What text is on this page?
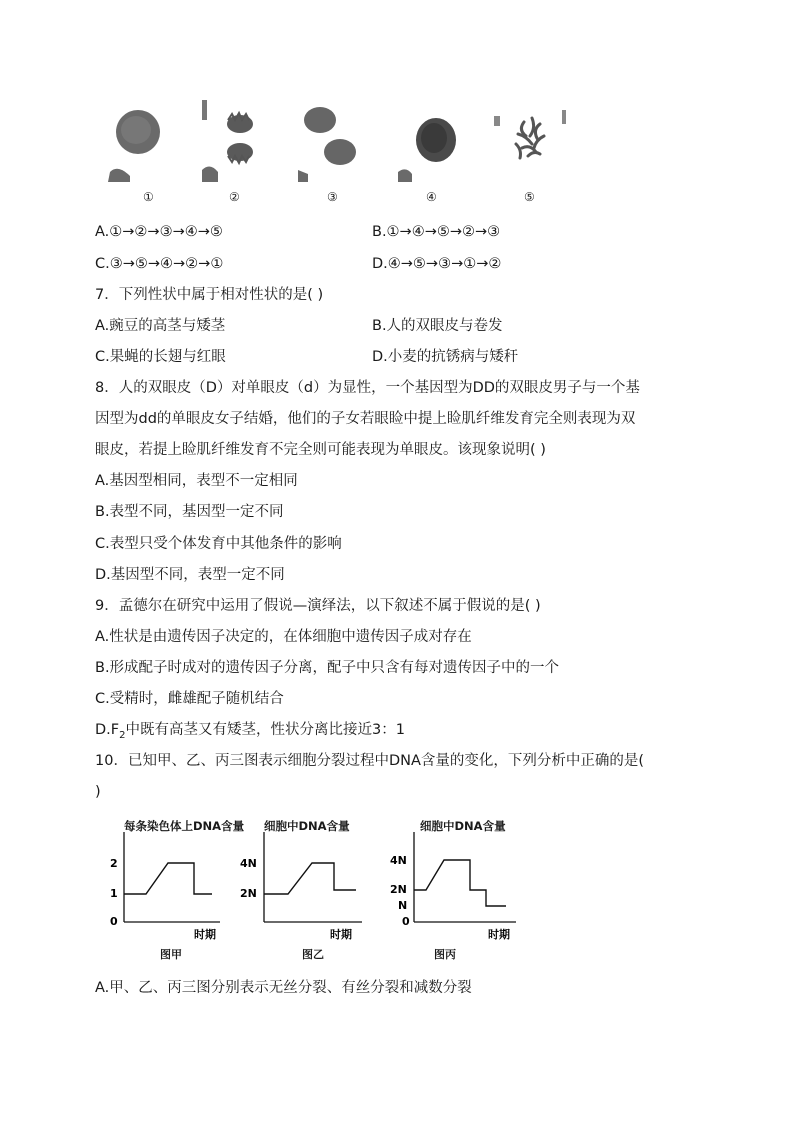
①	②	③	④	⑤
A.①→②→③→④→⑤	B.①→④→⑤→②→③
C.③→⑤→④→②→①	D.④→⑤→③→①→②
7．下列性状中属于相对性状的是( )
A.豌豆的高茎与矮茎	B.人的双眼皮与卷发
C.果蝇的长翅与红眼	D.小麦的抗锈病与矮秆
8．人的双眼皮（D）对单眼皮（d）为显性，一个基因型为DD的双眼皮男子与一个基
因型为dd的单眼皮女子结婚，他们的子女若眼睑中提上睑肌纤维发育完全则表现为双
眼皮，若提上睑肌纤维发育不完全则可能表现为单眼皮。该现象说明( )
A.基因型相同，表型不一定相同
B.表型不同，基因型一定不同
C.表型只受个体发育中其他条件的影响
D.基因型不同，表型一定不同
9．孟德尔在研究中运用了假说—演绎法，以下叙述不属于假说的是( )
A.性状是由遗传因子决定的，在体细胞中遗传因子成对存在
B.形成配子时成对的遗传因子分离，配子中只含有每对遗传因子中的一个
C.受精时，雌雄配子随机结合
$D.F_2$中既有高茎又有矮茎，性状分离比接近3：1
10．已知甲、乙、丙三图表示细胞分裂过程中DNA含量的变化，下列分析中正确的是(
)
每条染色体上DNA含量
0
1
2
时期
图甲
细胞中DNA含量
2N
4N
时期
图乙
细胞中DNA含量
0
N
2N
4N
时期
图丙
A.甲、乙、丙三图分别表示无丝分裂、有丝分裂和减数分裂
